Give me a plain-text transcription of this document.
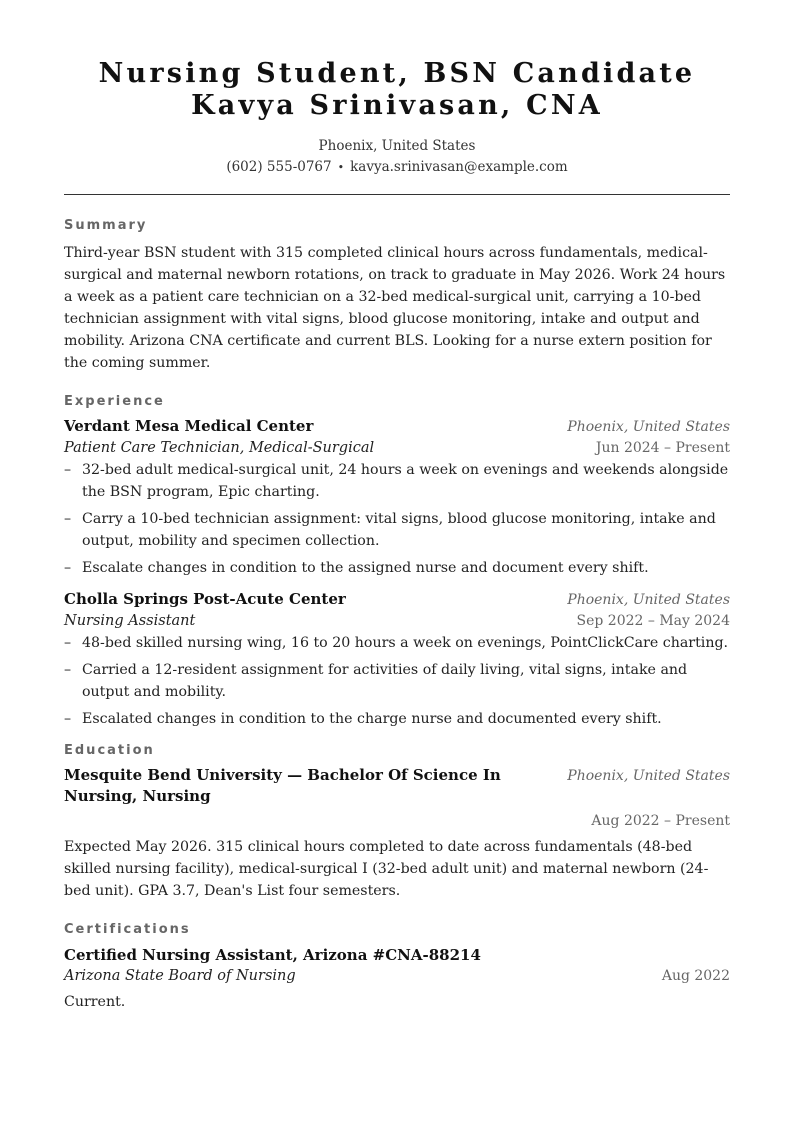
Nursing Student, BSN Candidate
Kavya Srinivasan, CNA
Phoenix, United States
(602) 555-0767 • kavya.srinivasan@example.com
Summary

Third-year BSN student with 315 completed clinical hours across fundamentals, medical-surgical and maternal newborn rotations, on track to graduate in May 2026. Work 24 hours a week as a patient care technician on a 32-bed medical-surgical unit, carrying a 10-bed technician assignment with vital signs, blood glucose monitoring, intake and output and mobility. Arizona CNA certificate and current BLS. Looking for a nurse extern position for the coming summer.

Experience
Verdant Mesa Medical Center	Phoenix, United States
Patient Care Technician, Medical-Surgical	Jun 2024 – Present
– 32-bed adult medical-surgical unit, 24 hours a week on evenings and weekends alongside the BSN program, Epic charting.
– Carry a 10-bed technician assignment: vital signs, blood glucose monitoring, intake and output, mobility and specimen collection.
– Escalate changes in condition to the assigned nurse and document every shift.
Cholla Springs Post-Acute Center	Phoenix, United States
Nursing Assistant	Sep 2022 – May 2024
– 48-bed skilled nursing wing, 16 to 20 hours a week on evenings, PointClickCare charting.
– Carried a 12-resident assignment for activities of daily living, vital signs, intake and output and mobility.
– Escalated changes in condition to the charge nurse and documented every shift.
Education
Mesquite Bend University — Bachelor Of Science In Nursing, Nursing
Phoenix, United States
Aug 2022 – Present

Expected May 2026. 315 clinical hours completed to date across fundamentals (48-bed skilled nursing facility), medical-surgical I (32-bed adult unit) and maternal newborn (24-bed unit). GPA 3.7, Dean's List four semesters.

Certifications
Certified Nursing Assistant, Arizona #CNA-88214
Arizona State Board of Nursing	Aug 2022

Current.
